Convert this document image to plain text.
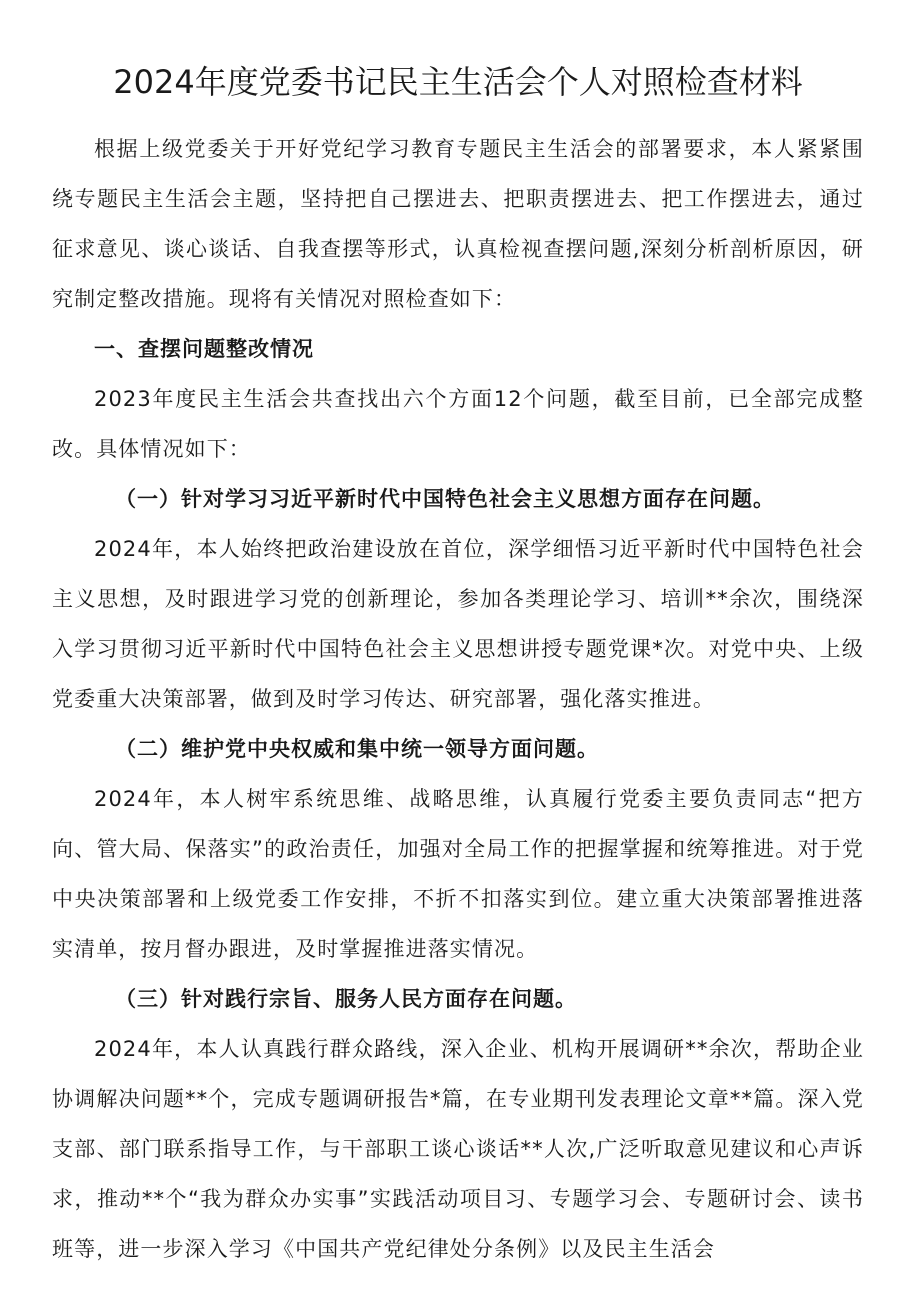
2024年度党委书记民主生活会个人对照检查材料

根据上级党委关于开好党纪学习教育专题民主生活会的部署要求，本人紧紧围绕专题民主生活会主题，坚持把自己摆进去、把职责摆进去、把工作摆进去，通过征求意见、谈心谈话、自我查摆等形式，认真检视查摆问题,深刻分析剖析原因，研究制定整改措施。现将有关情况对照检查如下：

一、查摆问题整改情况

2023年度民主生活会共查找出六个方面12个问题，截至目前，已全部完成整改。具体情况如下：

（一）针对学习习近平新时代中国特色社会主义思想方面存在问题。

2024年，本人始终把政治建设放在首位，深学细悟习近平新时代中国特色社会主义思想，及时跟进学习党的创新理论，参加各类理论学习、培训**余次，围绕深入学习贯彻习近平新时代中国特色社会主义思想讲授专题党课*次。对党中央、上级党委重大决策部署，做到及时学习传达、研究部署，强化落实推进。

（二）维护党中央权威和集中统一领导方面问题。

2024年，本人树牢系统思维、战略思维，认真履行党委主要负责同志“把方向、管大局、保落实”的政治责任，加强对全局工作的把握掌握和统筹推进。对于党中央决策部署和上级党委工作安排，不折不扣落实到位。建立重大决策部署推进落实清单，按月督办跟进，及时掌握推进落实情况。

（三）针对践行宗旨、服务人民方面存在问题。

2024年，本人认真践行群众路线，深入企业、机构开展调研**余次，帮助企业协调解决问题**个，完成专题调研报告*篇，在专业期刊发表理论文章**篇。深入党支部、部门联系指导工作，与干部职工谈心谈话**人次,广泛听取意见建议和心声诉求，推动**个“我为群众办实事”实践活动项目习、专题学习会、专题研讨会、读书班等，进一步深入学习《中国共产党纪律处分条例》以及民主生活会
